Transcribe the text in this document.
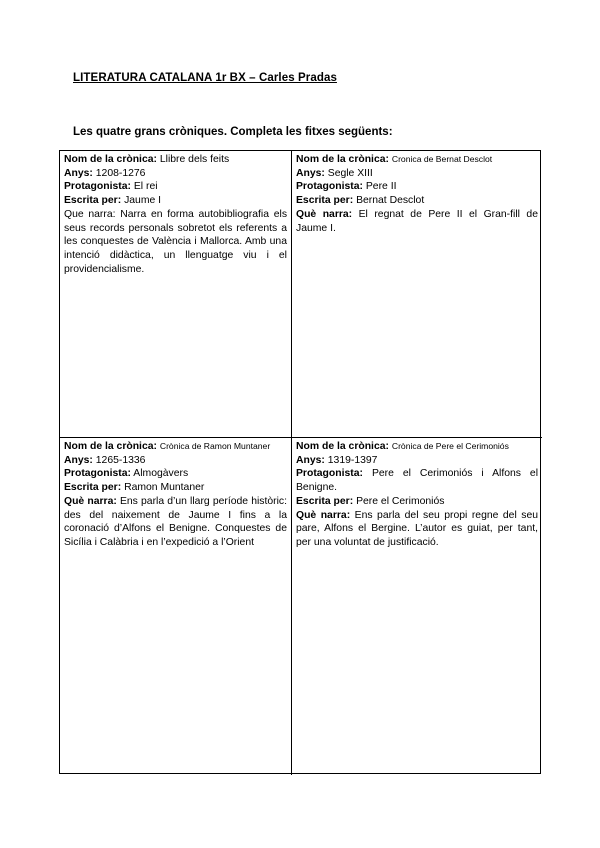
LITERATURA CATALANA 1r BX – Carles Pradas
Les quatre grans cròniques. Completa les fitxes següents:
Nom de la crònica: Llibre dels feits
Anys: 1208-1276
Protagonista: El rei
Escrita per: Jaume I
Que narra: Narra en forma autobibliografia els seus records personals sobretot els referents a les conquestes de València i Mallorca. Amb una intenció didàctica, un llenguatge viu i el providencialisme.
Nom de la crònica: Cronica de Bernat Desclot
Anys: Segle XIII
Protagonista: Pere II
Escrita per: Bernat Desclot
Què narra: El regnat de Pere II el Gran-fill de Jaume I.
Nom de la crònica: Crònica de Ramon Muntaner
Anys: 1265-1336
Protagonista: Almogàvers
Escrita per: Ramon Muntaner
Què narra: Ens parla d’un llarg període històric: des del naixement de Jaume I fins a la coronació d’Alfons el Benigne. Conquestes de Sicília i Calàbria i en l’expedició a l’Orient
Nom de la crònica: Crònica de Pere el Cerimoniós
Anys: 1319-1397
Protagonista: Pere el Cerimoniós i Alfons el Benigne.
Escrita per: Pere el Cerimoniós
Què narra: Ens parla del seu propi regne del seu pare, Alfons el Bergine. L’autor es guiat, per tant, per una voluntat de justificació.
